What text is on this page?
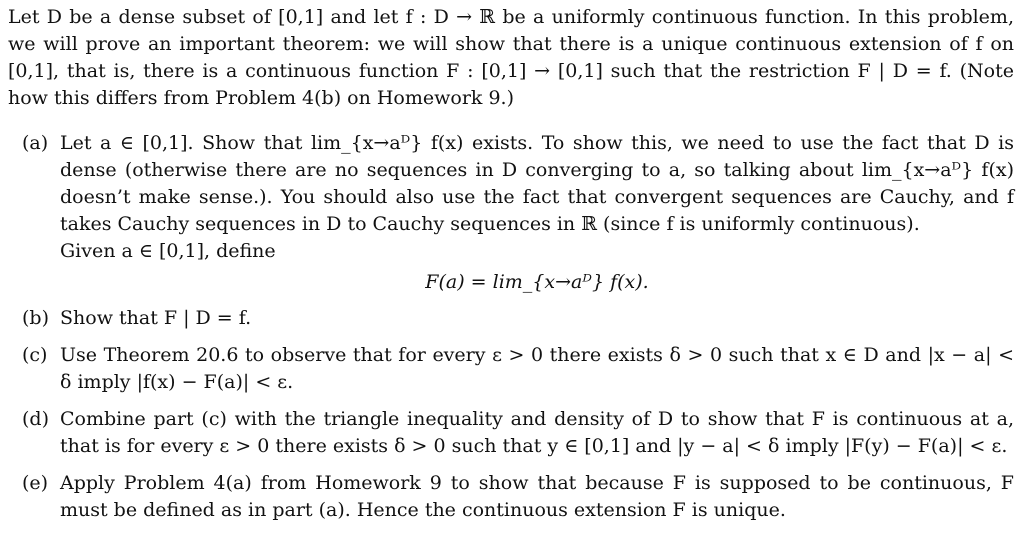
Let D be a dense subset of [0,1] and let f : D → ℝ be a uniformly continuous function. In this problem, we will prove an important theorem: we will show that there is a unique continuous extension of f on [0,1], that is, there is a continuous function F : [0,1] → [0,1] such that the restriction F | D = f. (Note how this differs from Problem 4(b) on Homework 9.)

(a) Let a ∈ [0,1]. Show that lim_{x→aᴰ} f(x) exists. To show this, we need to use the fact that D is dense (otherwise there are no sequences in D converging to a, so talking about lim_{x→aᴰ} f(x) doesn’t make sense.). You should also use the fact that convergent sequences are Cauchy, and f takes Cauchy sequences in D to Cauchy sequences in ℝ (since f is uniformly continuous).
Given a ∈ [0,1], define
F(a) = lim_{x→aᴰ} f(x).
(b) Show that F | D = f.
(c) Use Theorem 20.6 to observe that for every ε > 0 there exists δ > 0 such that x ∈ D and |x − a| < δ imply |f(x) − F(a)| < ε.
(d) Combine part (c) with the triangle inequality and density of D to show that F is continuous at a, that is for every ε > 0 there exists δ > 0 such that y ∈ [0,1] and |y − a| < δ imply |F(y) − F(a)| < ε.
(e) Apply Problem 4(a) from Homework 9 to show that because F is supposed to be continuous, F must be defined as in part (a). Hence the continuous extension F is unique.
